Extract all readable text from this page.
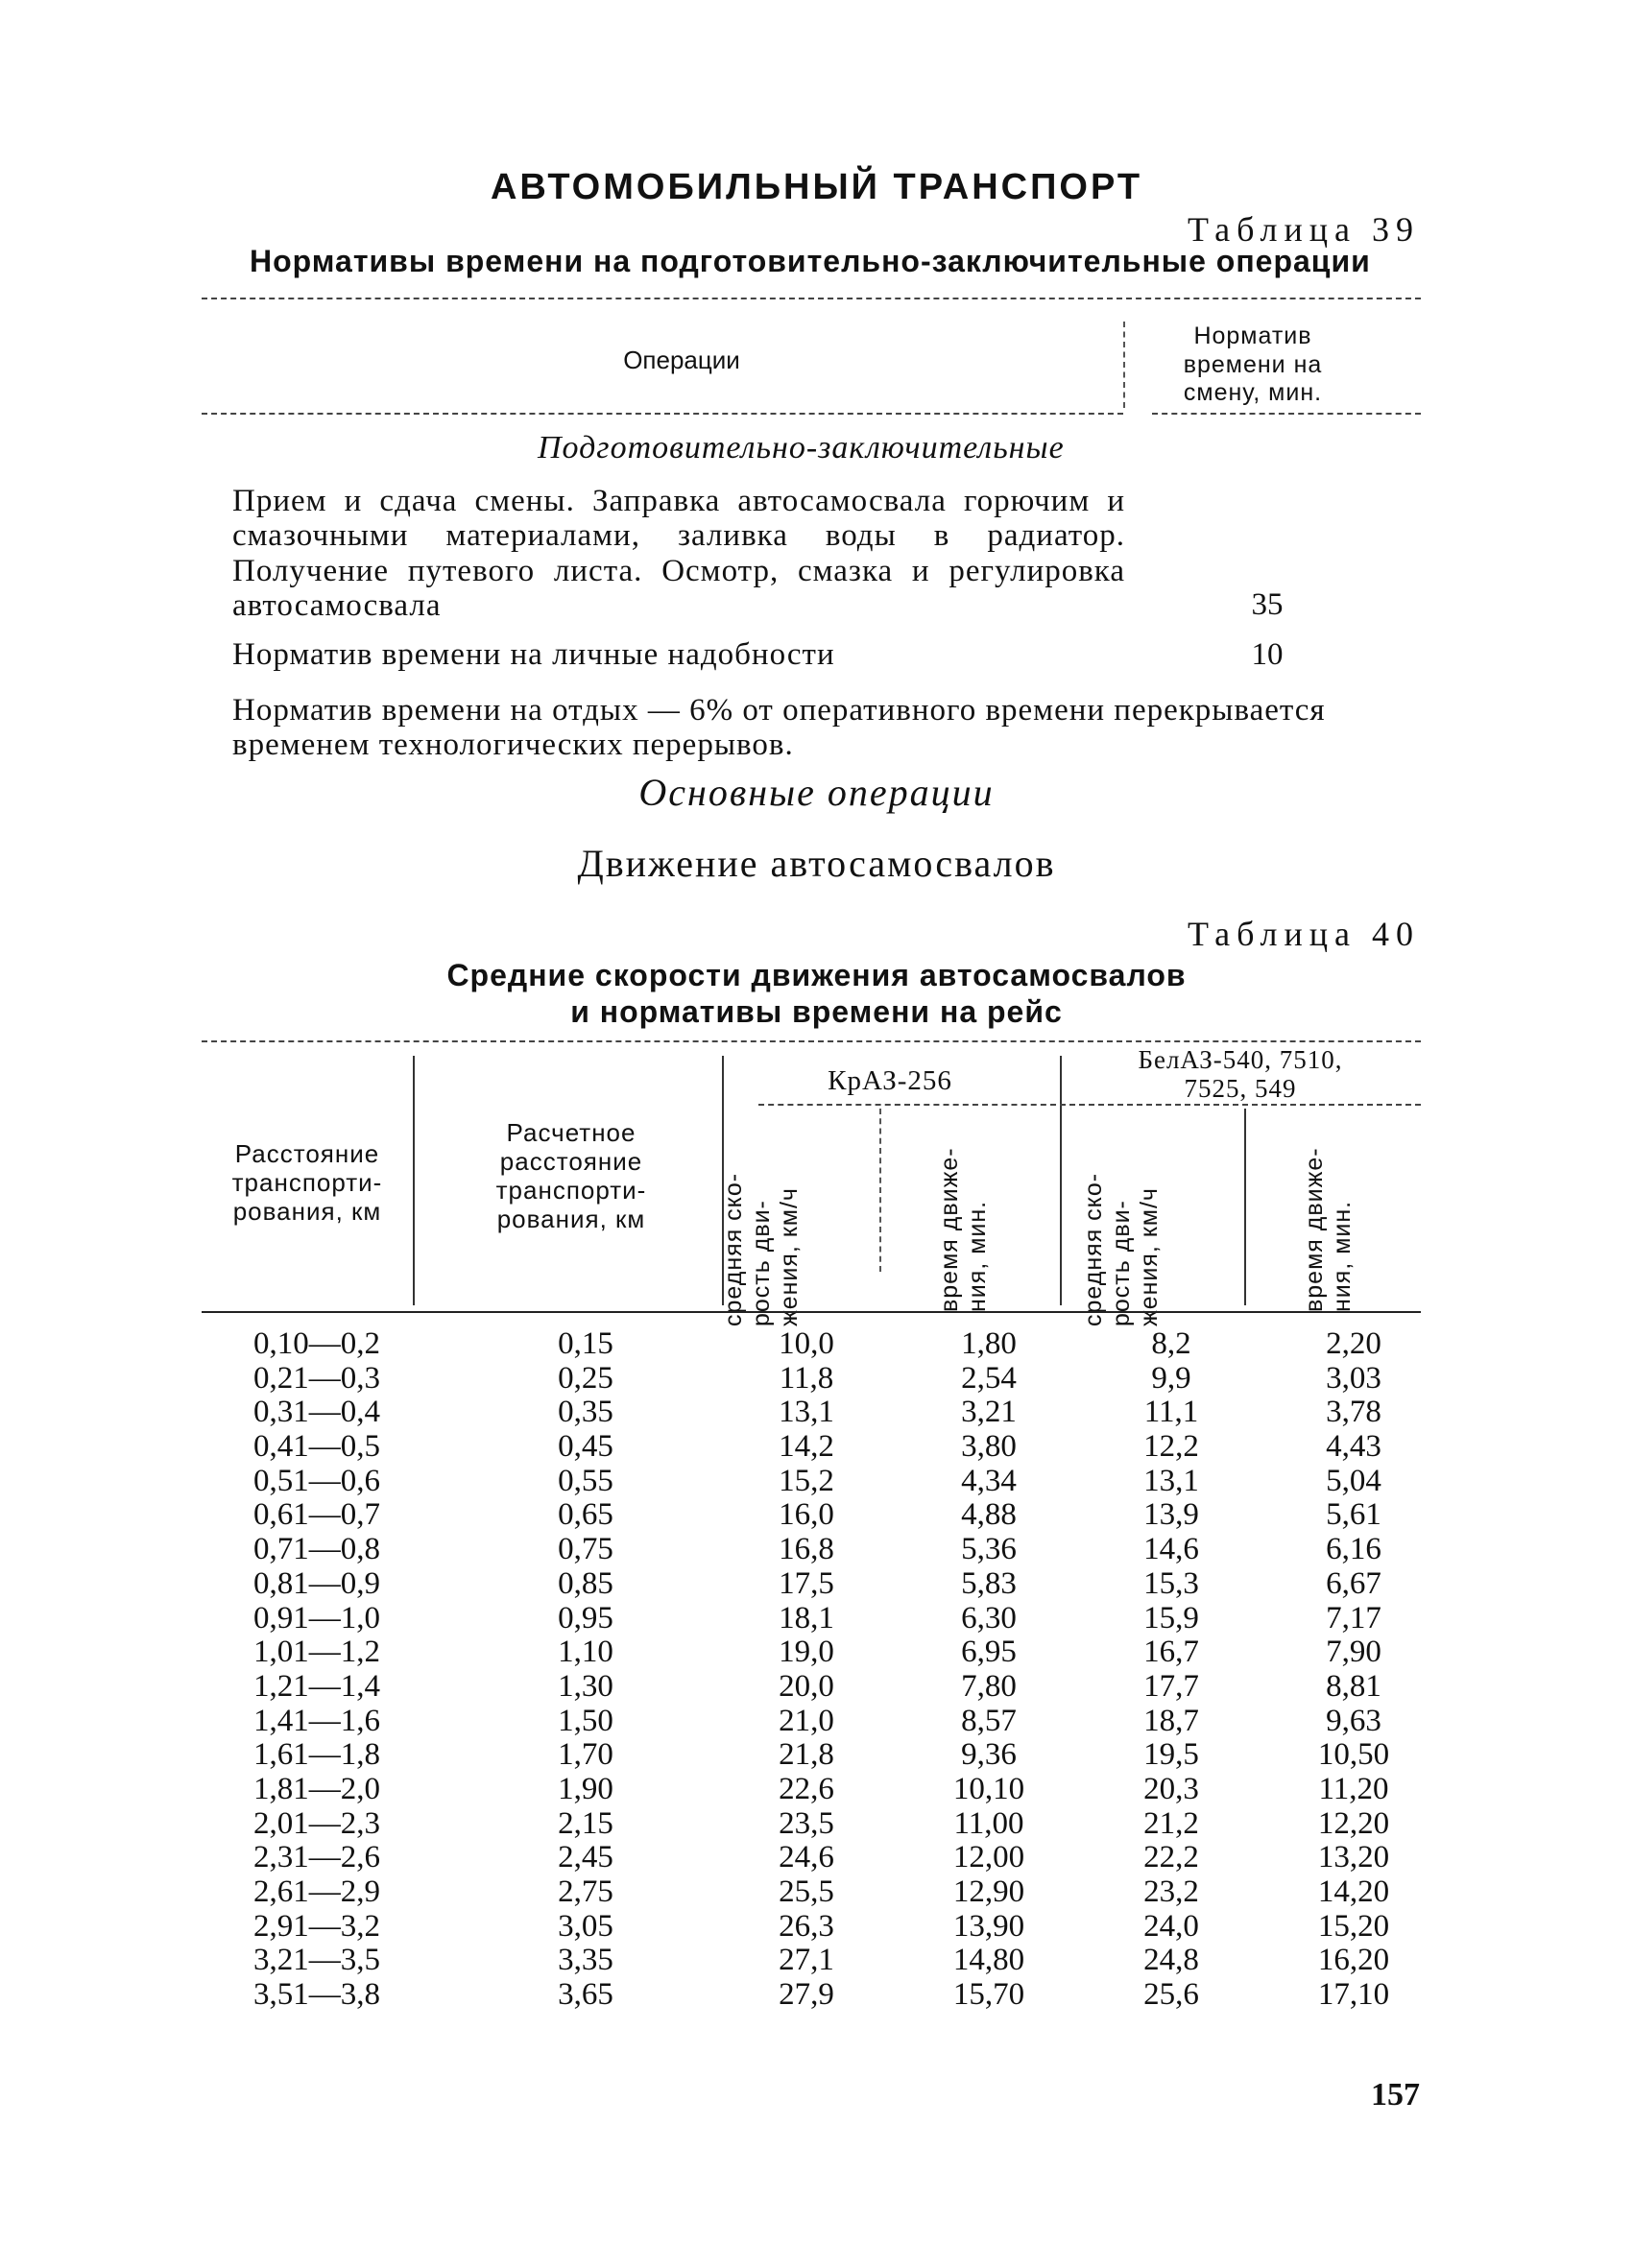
АВТОМОБИЛЬНЫЙ ТРАНСПОРТ
Таблица 39
Нормативы времени на подготовительно-заключительные операции
Операции
Норматив
времени на
смену, мин.
Подготовительно-заключительные
Прием и сдача смены. Заправка автосамосвала горючим и смазочными материалами, заливка воды в радиатор. Получение путевого листа. Осмотр, смазка и регулировка автосамосвала	35
Норматив времени на личные надобности	10
Норматив времени на отдых — 6% от оперативного времени перекрывается временем технологических перерывов.
Основные операции
Движение автосамосвалов
Таблица 40
Средние скорости движения автосамосвалов
и нормативы времени на рейс
Расстояние
транспорти-
рования, км
Расчетное
расстояние
транспорти-
рования, км
КрАЗ-256
БелАЗ-540, 7510,
7525, 549
средняя ско- рость дви- жения, км/ч	время движе- ния, мин.	средняя ско- рость дви- жения, км/ч	время движе- ния, мин.
0,10—0,2	0,15	10,0	1,80	8,2	2,20
0,21—0,3	0,25	11,8	2,54	9,9	3,03
0,31—0,4	0,35	13,1	3,21	11,1	3,78
0,41—0,5	0,45	14,2	3,80	12,2	4,43
0,51—0,6	0,55	15,2	4,34	13,1	5,04
0,61—0,7	0,65	16,0	4,88	13,9	5,61
0,71—0,8	0,75	16,8	5,36	14,6	6,16
0,81—0,9	0,85	17,5	5,83	15,3	6,67
0,91—1,0	0,95	18,1	6,30	15,9	7,17
1,01—1,2	1,10	19,0	6,95	16,7	7,90
1,21—1,4	1,30	20,0	7,80	17,7	8,81
1,41—1,6	1,50	21,0	8,57	18,7	9,63
1,61—1,8	1,70	21,8	9,36	19,5	10,50
1,81—2,0	1,90	22,6	10,10	20,3	11,20
2,01—2,3	2,15	23,5	11,00	21,2	12,20
2,31—2,6	2,45	24,6	12,00	22,2	13,20
2,61—2,9	2,75	25,5	12,90	23,2	14,20
2,91—3,2	3,05	26,3	13,90	24,0	15,20
3,21—3,5	3,35	27,1	14,80	24,8	16,20
3,51—3,8	3,65	27,9	15,70	25,6	17,10
157
